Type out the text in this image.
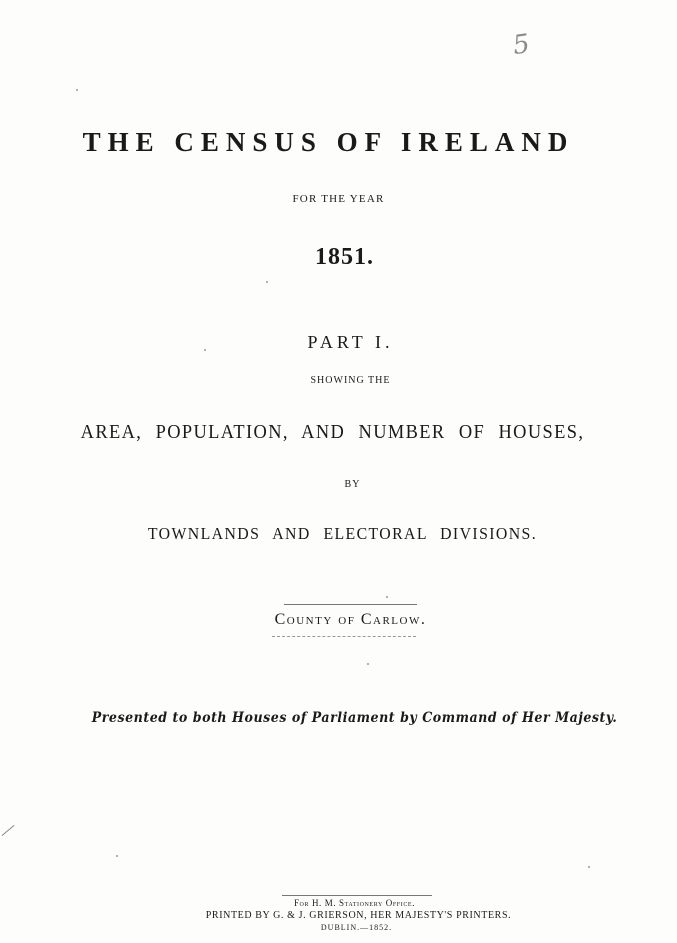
5
THE CENSUS OF IRELAND
FOR THE YEAR
1851.
PART I.
SHOWING THE
AREA, POPULATION, AND NUMBER OF HOUSES,
BY
TOWNLANDS AND ELECTORAL DIVISIONS.
County of Carlow.
Presented to both Houses of Parliament by Command of Her Majesty.
For H. M. Stationery Office.
PRINTED BY G. & J. GRIERSON, HER MAJESTY'S PRINTERS.
DUBLIN.—1852.
